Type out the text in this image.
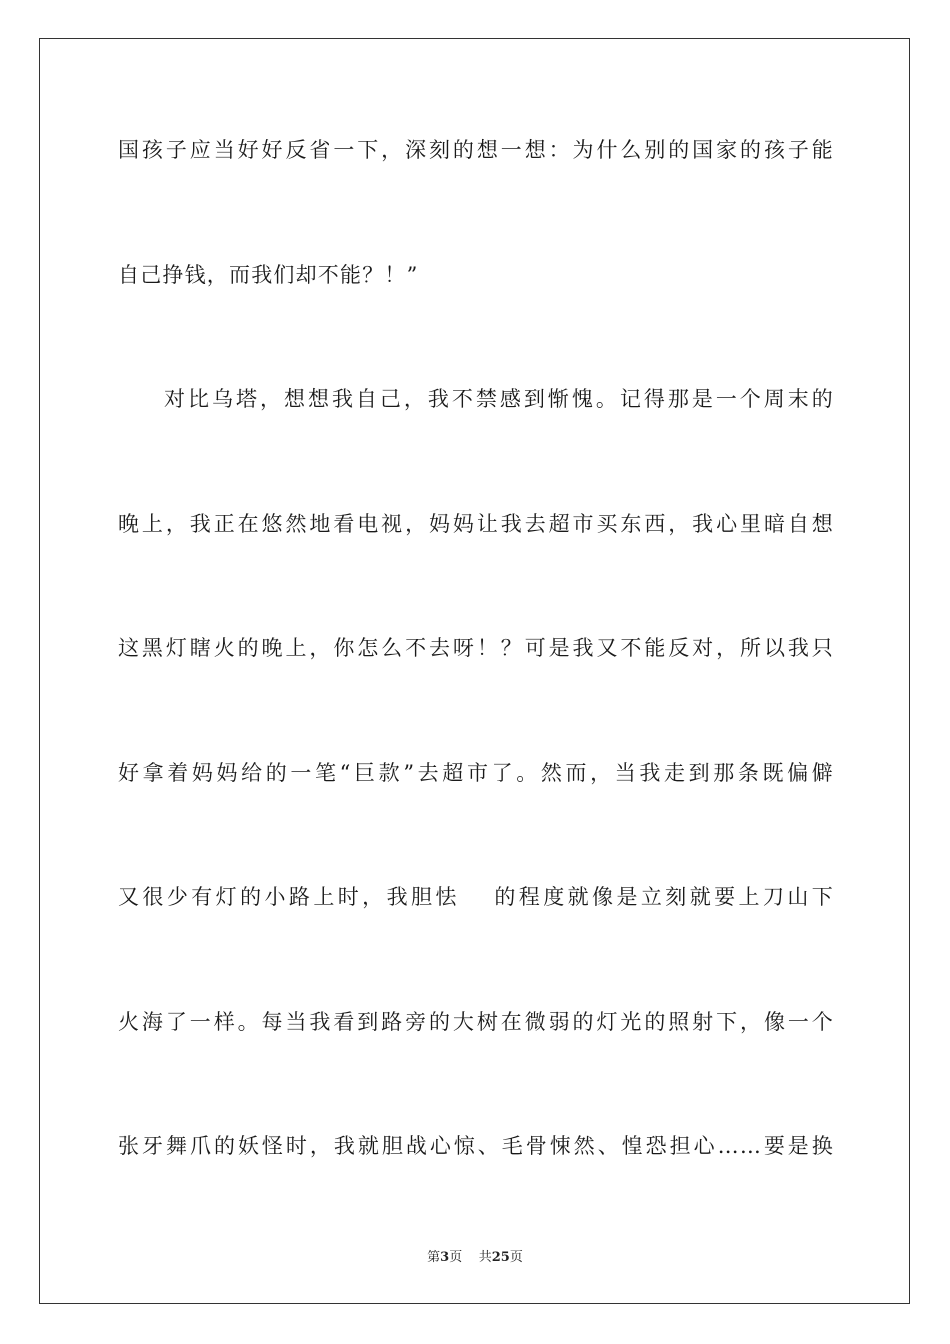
国孩子应当好好反省一下，深刻的想一想：为什么别的国家的孩子能
自己挣钱，而我们却不能？！”
对比乌塔，想想我自己，我不禁感到惭愧。记得那是一个周末的
晚上，我正在悠然地看电视，妈妈让我去超市买东西，我心里暗自想
这黑灯瞎火的晚上，你怎么不去呀！？可是我又不能反对，所以我只
好拿着妈妈给的一笔“巨款”去超市了。然而，当我走到那条既偏僻
又很少有灯的小路上时，我胆怯 　的程度就像是立刻就要上刀山下
火海了一样。每当我看到路旁的大树在微弱的灯光的照射下，像一个
张牙舞爪的妖怪时，我就胆战心惊、毛骨悚然、惶恐担心……要是换
第3页 共25页
